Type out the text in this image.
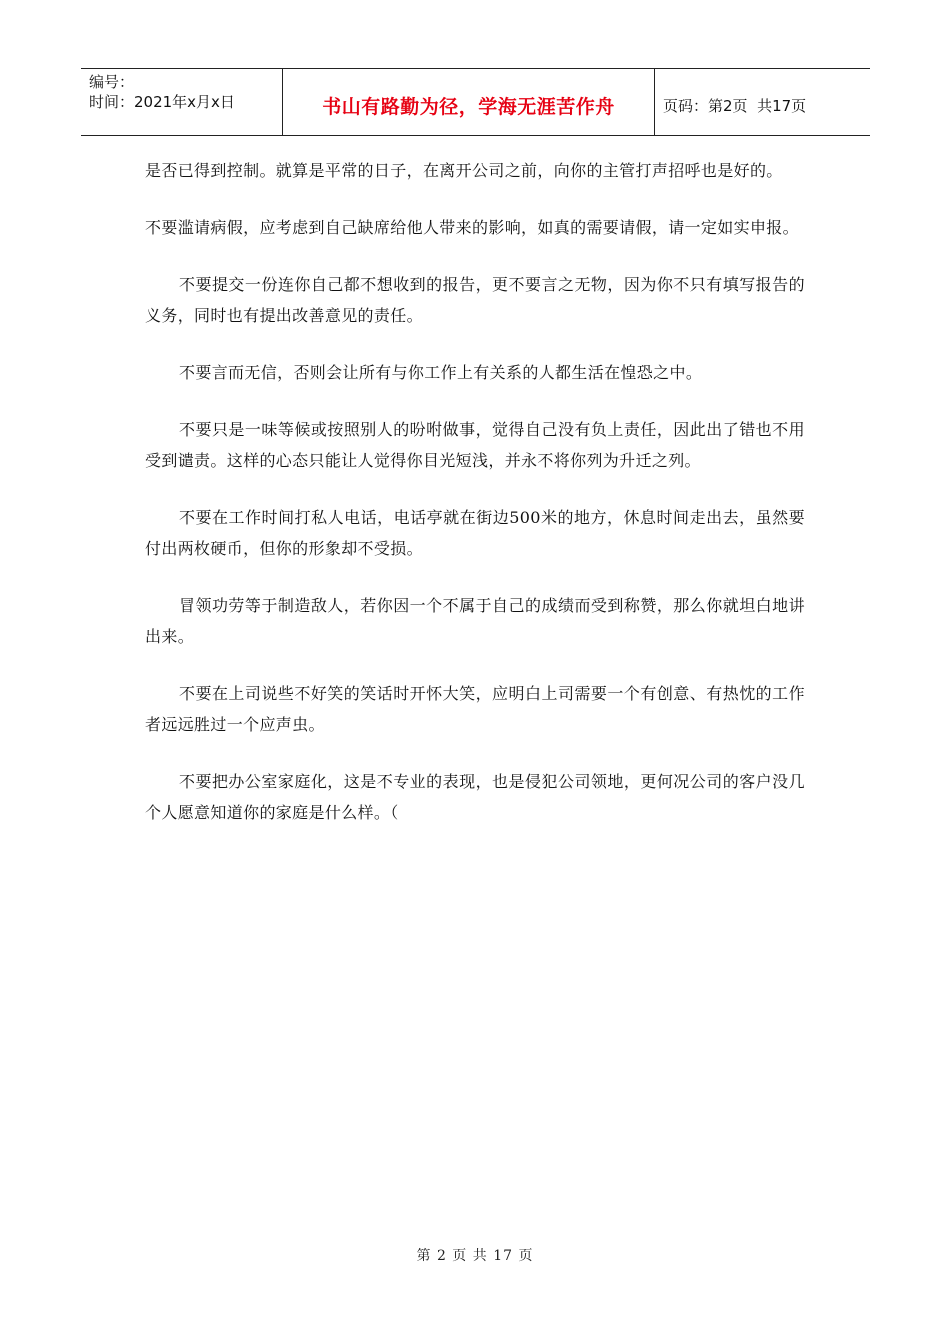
编号：
时间：2021年x月x日	书山有路勤为径，学海无涯苦作舟	页码：第2页  共17页

是否已得到控制。就算是平常的日子，在离开公司之前，向你的主管打声招呼也是好的。

不要滥请病假，应考虑到自己缺席给他人带来的影响，如真的需要请假，请一定如实申报。

不要提交一份连你自己都不想收到的报告，更不要言之无物，因为你不只有填写报告的义务，同时也有提出改善意见的责任。

不要言而无信，否则会让所有与你工作上有关系的人都生活在惶恐之中。

不要只是一味等候或按照别人的吩咐做事，觉得自己没有负上责任，因此出了错也不用受到谴责。这样的心态只能让人觉得你目光短浅，并永不将你列为升迁之列。

不要在工作时间打私人电话，电话亭就在街边500米的地方，休息时间走出去，虽然要付出两枚硬币，但你的形象却不受损。

冒领功劳等于制造敌人，若你因一个不属于自己的成绩而受到称赞，那么你就坦白地讲出来。

不要在上司说些不好笑的笑话时开怀大笑，应明白上司需要一个有创意、有热忱的工作者远远胜过一个应声虫。

不要把办公室家庭化，这是不专业的表现，也是侵犯公司领地，更何况公司的客户没几个人愿意知道你的家庭是什么样。（

第 2 页 共 17 页
